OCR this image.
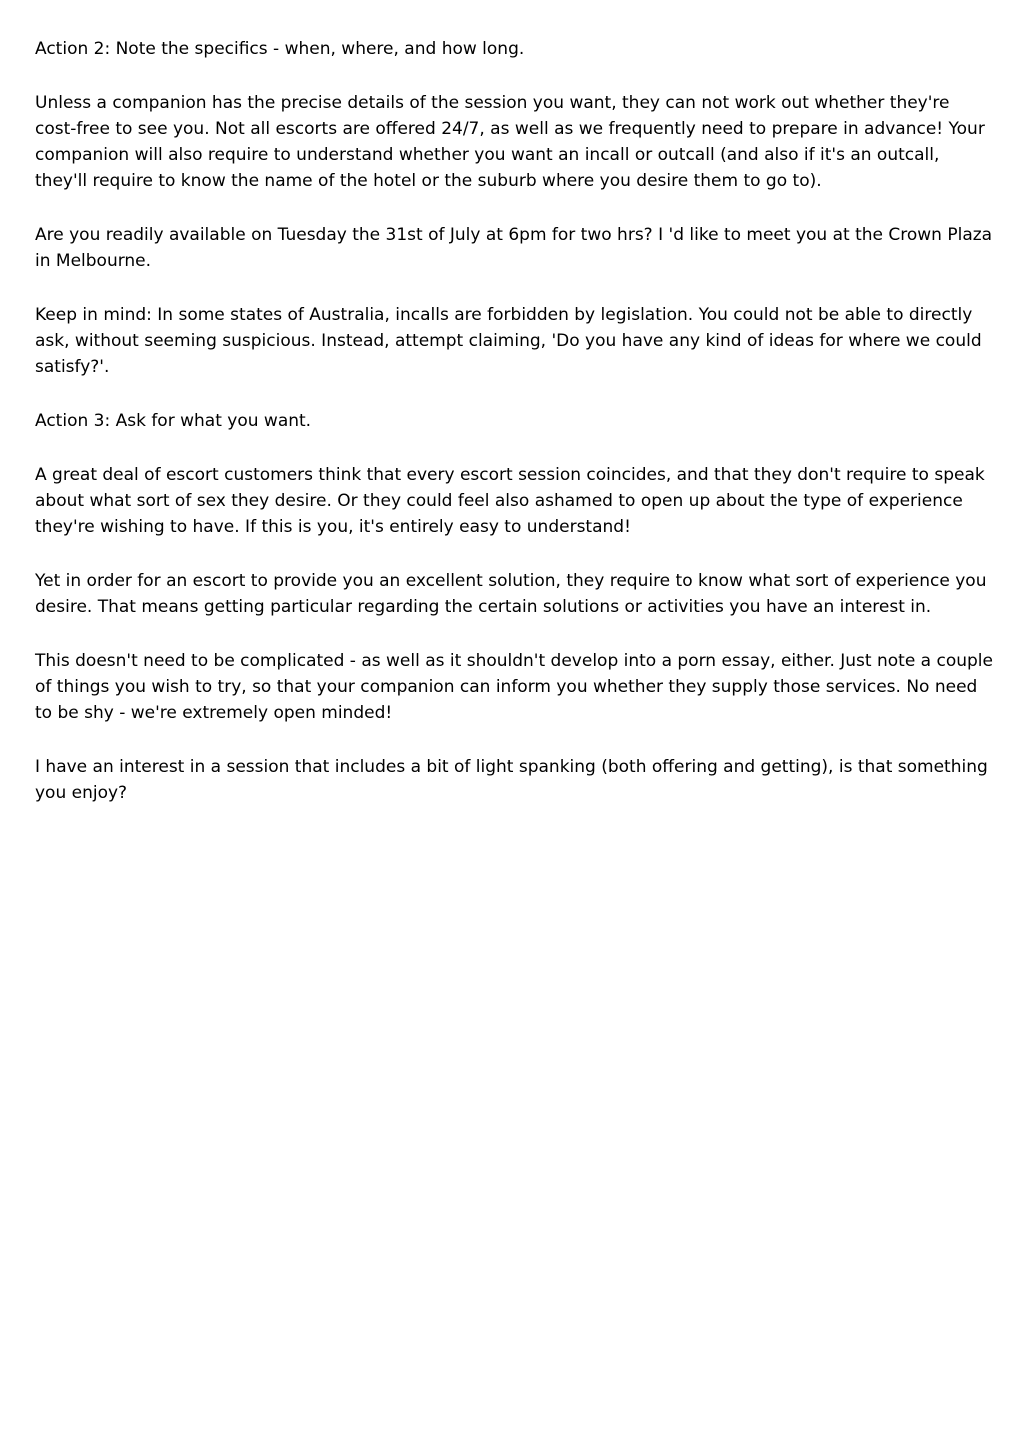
Action 2: Note the specifics - when, where, and how long.

Unless a companion has the precise details of the session you want, they can not work out whether they're cost-free to see you. Not all escorts are offered 24/7, as well as we frequently need to prepare in advance! Your companion will also require to understand whether you want an incall or outcall (and also if it's an outcall, they'll require to know the name of the hotel or the suburb where you desire them to go to).

Are you readily available on Tuesday the 31st of July at 6pm for two hrs? I 'd like to meet you at the Crown Plaza in Melbourne.

Keep in mind: In some states of Australia, incalls are forbidden by legislation. You could not be able to directly ask, without seeming suspicious. Instead, attempt claiming, 'Do you have any kind of ideas for where we could satisfy?'.

Action 3: Ask for what you want.

A great deal of escort customers think that every escort session coincides, and that they don't require to speak about what sort of sex they desire. Or they could feel also ashamed to open up about the type of experience they're wishing to have. If this is you, it's entirely easy to understand!

Yet in order for an escort to provide you an excellent solution, they require to know what sort of experience you desire. That means getting particular regarding the certain solutions or activities you have an interest in.

This doesn't need to be complicated - as well as it shouldn't develop into a porn essay, either. Just note a couple of things you wish to try, so that your companion can inform you whether they supply those services. No need to be shy - we're extremely open minded!

I have an interest in a session that includes a bit of light spanking (both offering and getting), is that something you enjoy?
